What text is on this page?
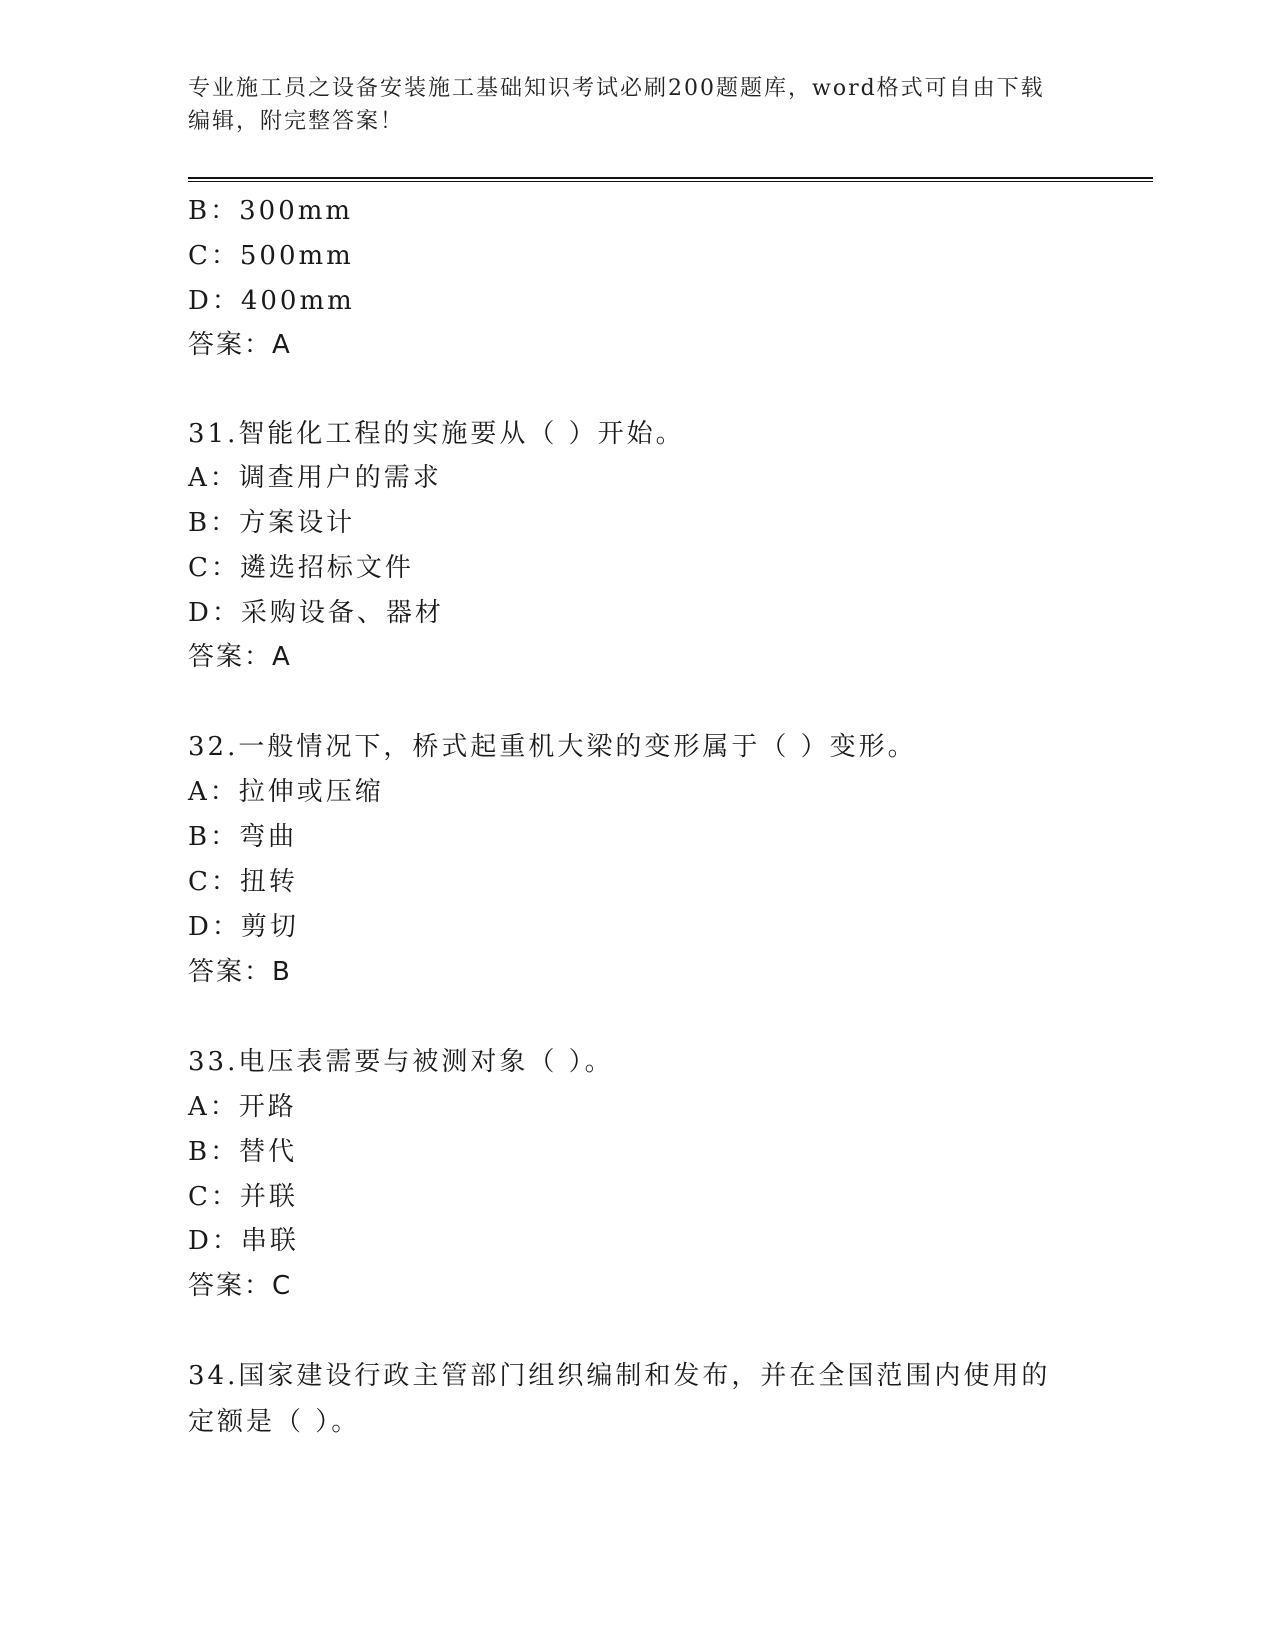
专业施工员之设备安装施工基础知识考试必刷200题题库，word格式可自由下载编辑，附完整答案！
B：300mm
C：500mm
D：400mm
答案：A
31.智能化工程的实施要从（ ）开始。
A：调查用户的需求
B：方案设计
C：遴选招标文件
D：采购设备、器材
答案：A
32.一般情况下，桥式起重机大梁的变形属于（ ）变形。
A：拉伸或压缩
B：弯曲
C：扭转
D：剪切
答案：B
33.电压表需要与被测对象（ ）。
A：开路
B：替代
C：并联
D：串联
答案：C
34.国家建设行政主管部门组织编制和发布，并在全国范围内使用的定额是（ ）。
